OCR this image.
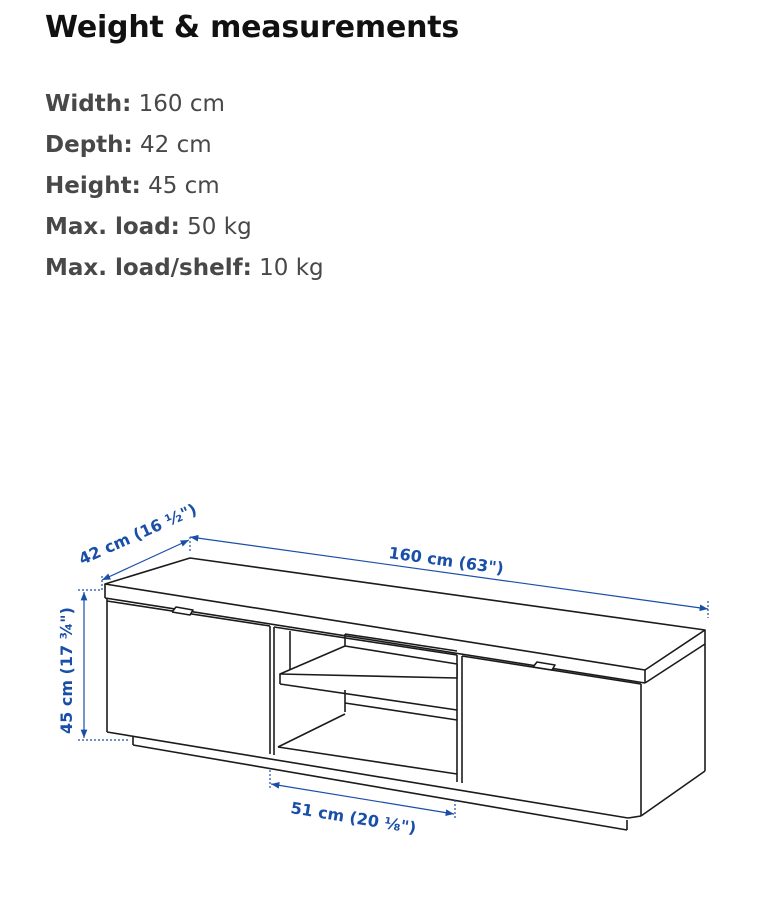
Weight & measurements
Width: 160 cm
Depth: 42 cm
Height: 45 cm
Max. load: 50 kg
Max. load/shelf: 10 kg
160 cm (63")
42 cm (16 ½")
45 cm (17 ¾")
51 cm (20 ⅛")
